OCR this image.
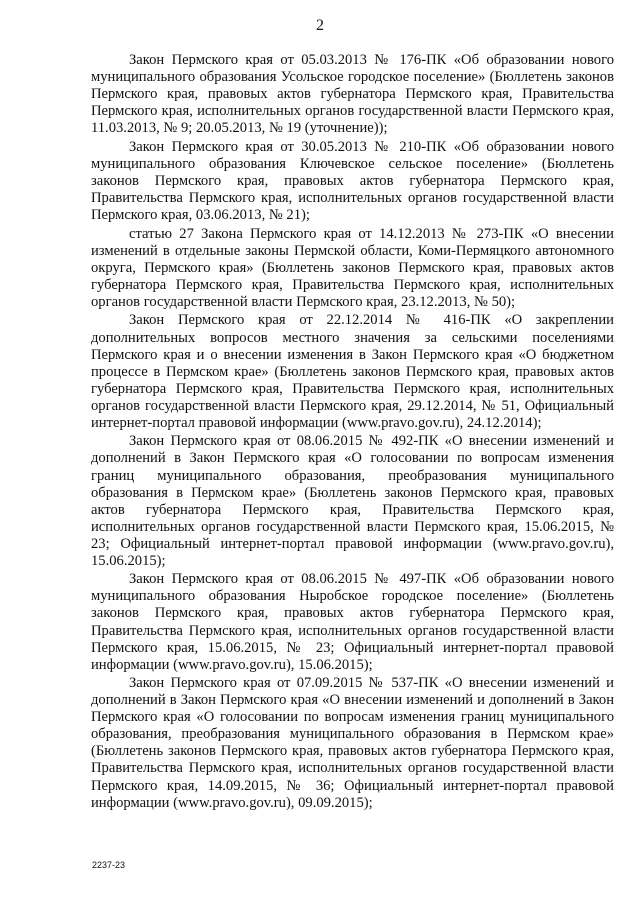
2

Закон Пермского края от 05.03.2013 № 176-ПК «Об образовании нового муниципального образования Усольское городское поселение» (Бюллетень законов Пермского края, правовых актов губернатора Пермского края, Правительства Пермского края, исполнительных органов государственной власти Пермского края, 11.03.2013, № 9; 20.05.2013, № 19 (уточнение));

Закон Пермского края от 30.05.2013 № 210-ПК «Об образовании нового муниципального образования Ключевское сельское поселение» (Бюллетень законов Пермского края, правовых актов губернатора Пермского края, Правительства Пермского края, исполнительных органов государственной власти Пермского края, 03.06.2013, № 21);

статью 27 Закона Пермского края от 14.12.2013 № 273-ПК «О внесении изменений в отдельные законы Пермской области, Коми-Пермяцкого автономного округа, Пермского края» (Бюллетень законов Пермского края, правовых актов губернатора Пермского края, Правительства Пермского края, исполнительных органов государственной власти Пермского края, 23.12.2013, № 50);

Закон Пермского края от 22.12.2014 № 416-ПК «О закреплении дополнительных вопросов местного значения за сельскими поселениями Пермского края и о внесении изменения в Закон Пермского края «О бюджетном процессе в Пермском крае» (Бюллетень законов Пермского края, правовых актов губернатора Пермского края, Правительства Пермского края, исполнительных органов государственной власти Пермского края, 29.12.2014, № 51, Официальный интернет-портал правовой информации (www.pravo.gov.ru), 24.12.2014);

Закон Пермского края от 08.06.2015 № 492-ПК «О внесении изменений и дополнений в Закон Пермского края «О голосовании по вопросам изменения границ муниципального образования, преобразования муниципального образования в Пермском крае» (Бюллетень законов Пермского края, правовых актов губернатора Пермского края, Правительства Пермского края, исполнительных органов государственной власти Пермского края, 15.06.2015, № 23; Официальный интернет-портал правовой информации (www.pravo.gov.ru), 15.06.2015);

Закон Пермского края от 08.06.2015 № 497-ПК «Об образовании нового муниципального образования Ныробское городское поселение» (Бюллетень законов Пермского края, правовых актов губернатора Пермского края, Правительства Пермского края, исполнительных органов государственной власти Пермского края, 15.06.2015, № 23; Официальный интернет-портал правовой информации (www.pravo.gov.ru), 15.06.2015);

Закон Пермского края от 07.09.2015 № 537-ПК «О внесении изменений и дополнений в Закон Пермского края «О внесении изменений и дополнений в Закон Пермского края «О голосовании по вопросам изменения границ муниципального образования, преобразования муниципального образования в Пермском крае» (Бюллетень законов Пермского края, правовых актов губернатора Пермского края, Правительства Пермского края, исполнительных органов государственной власти Пермского края, 14.09.2015, № 36; Официальный интернет-портал правовой информации (www.pravo.gov.ru), 09.09.2015);

2237-23
